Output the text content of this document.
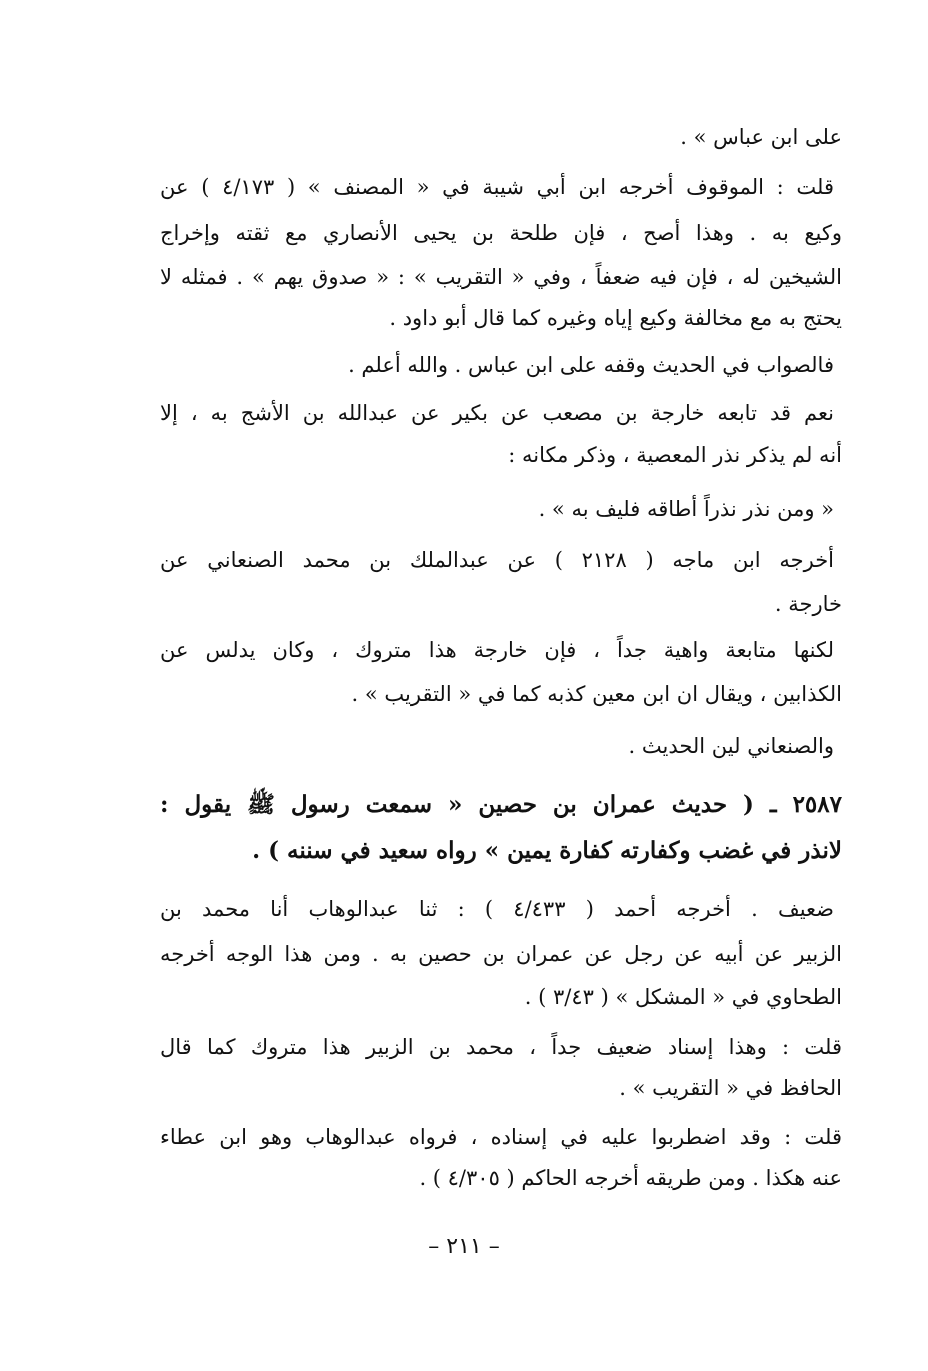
على ابن عباس » .
قلت : الموقوف أخرجه ابن أبي شيبة في « المصنف » ( ٤/١٧٣ ) عن
وكيع به . وهذا أصح ، فإن طلحة بن يحيى الأنصاري مع ثقته وإخراج
الشيخين له ، فإن فيه ضعفاً ، وفي « التقريب » : « صدوق يهم » . فمثله لا
يحتج به مع مخالفة وكيع إياه وغيره كما قال أبو داود .
فالصواب في الحديث وقفه على ابن عباس . والله أعلم .
نعم قد تابعه خارجة بن مصعب عن بكير عن عبدالله بن الأشج به ، إلا
أنه لم يذكر نذر المعصية ، وذكر مكانه :
« ومن نذر نذراً أطاقه فليف به » .
أخرجه ابن ماجه ( ٢١٢٨ ) عن عبدالملك بن محمد الصنعاني عن
خارجة .
لكنها متابعة واهية جداً ، فإن خارجة هذا متروك ، وكان يدلس عن
الكذابين ، ويقال ان ابن معين كذبه كما في « التقريب » .
والصنعاني لين الحديث .
٢٥٨٧ ـ ( حديث عمران بن حصين « سمعت رسول ﷺ يقول :
لانذر في غضب وكفارته كفارة يمين » رواه سعيد في سننه ) .
ضعيف . أخرجه أحمد ( ٤/٤٣٣ ) : ثنا عبدالوهاب أنا محمد بن
الزبير عن أبيه عن رجل عن عمران بن حصين به . ومن هذا الوجه أخرجه
الطحاوي في « المشكل » ( ٣/٤٣ ) .
قلت : وهذا إسناد ضعيف جداً ، محمد بن الزبير هذا متروك كما قال
الحافظ في « التقريب » .
قلت : وقد اضطربوا عليه في إسناده ، فرواه عبدالوهاب وهو ابن عطاء
عنه هكذا . ومن طريقه أخرجه الحاكم ( ٤/٣٠٥ ) .
– ٢١١ –
